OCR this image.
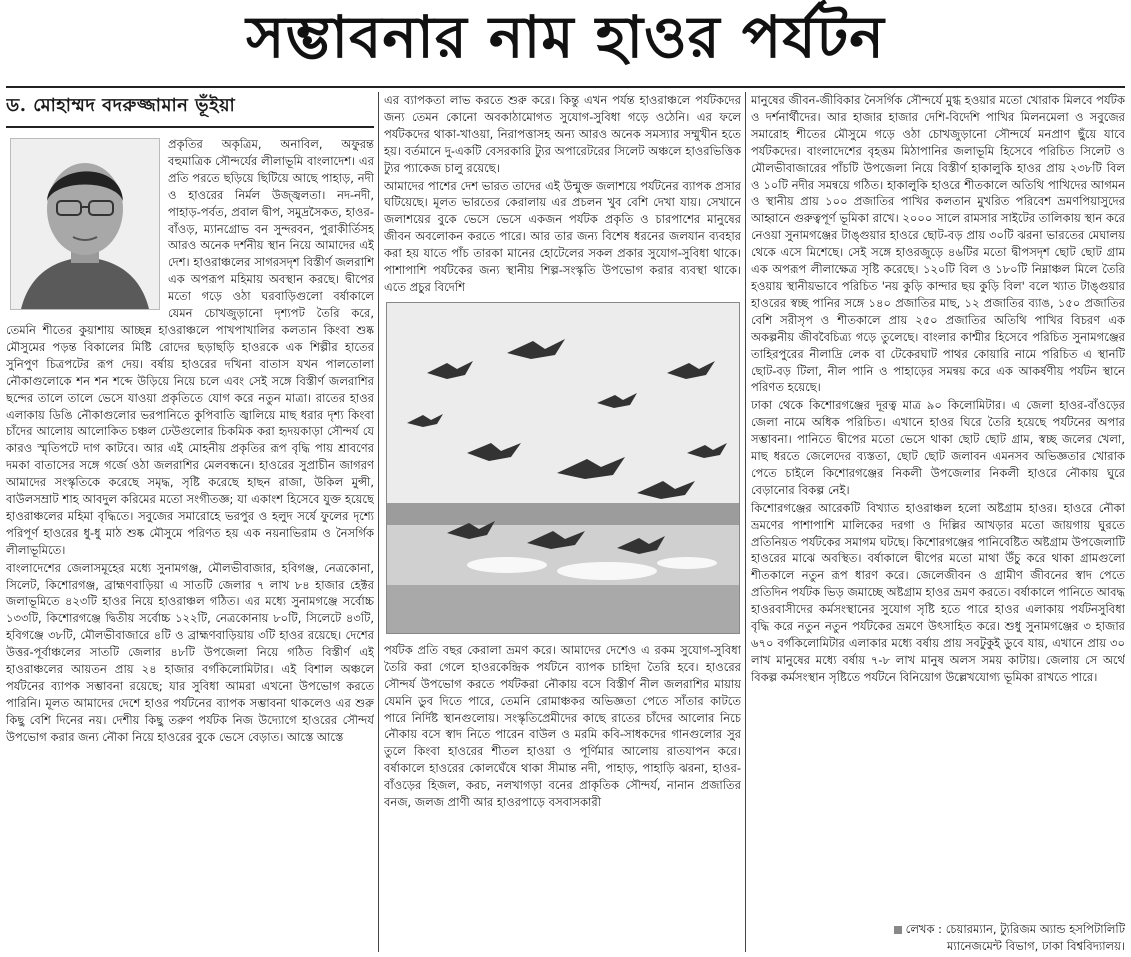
সম্ভাবনার নাম হাওর পর্যটন
ড. মোহাম্মদ বদরুজ্জামান ভূঁইয়া

প্রকৃতির অকৃত্রিম, অনাবিল, অফুরন্ত বহুমাত্রিক সৌন্দর্যের লীলাভূমি বাংলাদেশ। এর প্রতি পরতে ছড়িয়ে ছিটিয়ে আছে পাহাড়, নদী ও হাওরের নির্মল উজ্জ্বলতা। নদ-নদী, পাহাড়-পর্বত, প্রবাল দ্বীপ, সমুদ্রসৈকত, হাওর-বাঁওড়, ম্যানগ্রোভ বন সুন্দরবন, পুরাকীর্তিসহ আরও অনেক দর্শনীয় স্থান নিয়ে আমাদের এই দেশ। হাওরাঞ্চলের সাগরসদৃশ বিস্তীর্ণ জলরাশি এক অপরূপ মহিমায় অবস্থান করছে। দ্বীপের মতো গড়ে ওঠা ঘরবাড়িগুলো বর্ষাকালে যেমন চোখজুড়ানো দৃশ্যপট তৈরি করে, তেমনি শীতের কুয়াশায় আচ্ছন্ন হাওরাঞ্চলে পাখপাখালির কলতান কিংবা শুষ্ক মৌসুমের পড়ন্ত বিকালের মিষ্টি রোদের ছড়াছড়ি হাওরকে এক শিল্পীর হাতের সুনিপুণ চিত্রপটের রূপ দেয়। বর্ষায় হাওরের দখিনা বাতাস যখন পালতোলা নৌকাগুলোকে শন শন শব্দে উড়িয়ে নিয়ে চলে এবং সেই সঙ্গে বিস্তীর্ণ জলরাশির ছন্দের তালে তালে ভেসে যাওয়া প্রকৃতিতে যোগ করে নতুন মাত্রা। রাতের হাওর এলাকায় ডিঙি নৌকাগুলোর ভরপানিতে কুপিবাতি জ্বালিয়ে মাছ ধরার দৃশ্য কিংবা চাঁদের আলোয় আলোকিত চঞ্চল ঢেউগুলোর চিকমিক করা হৃদয়কাড়া সৌন্দর্য যে কারও স্মৃতিপটে দাগ কাটবে। আর এই মোহনীয় প্রকৃতির রূপ বৃদ্ধি পায় শ্রাবণের দমকা বাতাসের সঙ্গে গর্জে ওঠা জলরাশির মেলবন্ধনে। হাওরের সুপ্রাচীন জাগরণ আমাদের সংস্কৃতিকে করেছে সমৃদ্ধ, সৃষ্টি করেছে হাছন রাজা, উকিল মুন্সী, বাউলসম্রাট শাহ আবদুল করিমের মতো সংগীতজ্ঞ; যা একাংশ হিসেবে যুক্ত হয়েছে হাওরাঞ্চলের মহিমা বৃদ্ধিতে। সবুজের সমারোহে ভরপুর ও হলুদ সর্ষে ফুলের দৃশ্যে পরিপূর্ণ হাওরের ধু-ধু মাঠ শুষ্ক মৌসুমে পরিণত হয় এক নয়নাভিরাম ও নৈসর্গিক লীলাভূমিতে।

বাংলাদেশের জেলাসমূহের মধ্যে সুনামগঞ্জ, মৌলভীবাজার, হবিগঞ্জ, নেত্রকোনা, সিলেট, কিশোরগঞ্জ, ব্রাহ্মণবাড়িয়া এ সাতটি জেলার ৭ লাখ ৮৪ হাজার হেক্টর জলাভূমিতে ৪২৩টি হাওর নিয়ে হাওরাঞ্চল গঠিত। এর মধ্যে সুনামগঞ্জে সর্বোচ্চ ১৩৩টি, কিশোরগঞ্জে দ্বিতীয় সর্বোচ্চ ১২২টি, নেত্রকোনায় ৮০টি, সিলেটে ৪৩টি, হবিগঞ্জে ৩৮টি, মৌলভীবাজারে ৪টি ও ব্রাহ্মণবাড়িয়ায় ৩টি হাওর রয়েছে। দেশের উত্তর-পূর্বাঞ্চলের সাতটি জেলার ৪৮টি উপজেলা নিয়ে গঠিত বিস্তীর্ণ এই হাওরাঞ্চলের আয়তন প্রায় ২৪ হাজার বর্গকিলোমিটার। এই বিশাল অঞ্চলে পর্যটনের ব্যাপক সম্ভাবনা রয়েছে; যার সুবিধা আমরা এখনো উপভোগ করতে পারিনি। মূলত আমাদের দেশে হাওর পর্যটনের ব্যাপক সম্ভাবনা থাকলেও এর শুরু কিছু বেশি দিনের নয়। দেশীয় কিছু তরুণ পর্যটক নিজ উদ্যোগে হাওরের সৌন্দর্য উপভোগ করার জন্য নৌকা নিয়ে হাওরের বুকে ভেসে বেড়াত। আস্তে আস্তে

এর ব্যাপকতা লাভ করতে শুরু করে। কিন্তু এখন পর্যন্ত হাওরাঞ্চলে পর্যটকদের জন্য তেমন কোনো অবকাঠামোগত সুযোগ-সুবিধা গড়ে ওঠেনি। এর ফলে পর্যটকদের থাকা-খাওয়া, নিরাপত্তাসহ অন্য আরও অনেক সমস্যার সম্মুখীন হতে হয়। বর্তমানে দু-একটি বেসরকারি ট্যুর অপারেটরের সিলেট অঞ্চলে হাওরভিত্তিক ট্যুর প্যাকেজ চালু রয়েছে।

আমাদের পাশের দেশ ভারত তাদের এই উন্মুক্ত জলাশয়ে পর্যটনের ব্যাপক প্রসার ঘটিয়েছে। মূলত ভারতের কেরালায় এর প্রচলন খুব বেশি দেখা যায়। সেখানে জলাশয়ের বুকে ভেসে ভেসে একজন পর্যটক প্রকৃতি ও চারপাশের মানুষের জীবন অবলোকন করতে পারে। আর তার জন্য বিশেষ ধরনের জলযান ব্যবহার করা হয় যাতে পাঁচ তারকা মানের হোটেলের সকল প্রকার সুযোগ-সুবিধা থাকে। পাশাপাশি পর্যটকের জন্য স্থানীয় শিল্প-সংস্কৃতি উপভোগ করার ব্যবস্থা থাকে। এতে প্রচুর বিদেশি

পর্যটক প্রতি বছর কেরালা ভ্রমণ করে। আমাদের দেশেও এ রকম সুযোগ-সুবিধা তৈরি করা গেলে হাওরকেন্দ্রিক পর্যটনে ব্যাপক চাহিদা তৈরি হবে। হাওরের সৌন্দর্য উপভোগ করতে পর্যটকরা নৌকায় বসে বিস্তীর্ণ নীল জলরাশির মায়ায় যেমনি ডুব দিতে পারে, তেমনি রোমাঞ্চকর অভিজ্ঞতা পেতে সাঁতার কাটতে পারে নির্দিষ্ট স্থানগুলোয়। সংস্কৃতিপ্রেমীদের কাছে রাতের চাঁদের আলোর নিচে নৌকায় বসে স্বাদ নিতে পারেন বাউল ও মরমি কবি-সাধকদের গানগুলোর সুর তুলে কিংবা হাওরের শীতল হাওয়া ও পূর্ণিমার আলোয় রাতযাপন করে। বর্ষাকালে হাওরের কোলঘেঁষে থাকা সীমান্ত নদী, পাহাড়, পাহাড়ি ঝরনা, হাওর-বাঁওড়ের হিজল, করচ, নলখাগড়া বনের প্রাকৃতিক সৌন্দর্য, নানান প্রজাতির বনজ, জলজ প্রাণী আর হাওরপাড়ে বসবাসকারী

মানুষের জীবন-জীবিকার নৈসর্গিক সৌন্দর্যে মুগ্ধ হওয়ার মতো খোরাক মিলবে পর্যটক ও দর্শনার্থীদের। আর হাজার হাজার দেশি-বিদেশি পাখির মিলনমেলা ও সবুজের সমারোহ শীতের মৌসুমে গড়ে ওঠা চোখজুড়ানো সৌন্দর্যে মনপ্রাণ ছুঁয়ে যাবে পর্যটকদের। বাংলাদেশের বৃহত্তম মিঠাপানির জলাভূমি হিসেবে পরিচিত সিলেট ও মৌলভীবাজারের পাঁচটি উপজেলা নিয়ে বিস্তীর্ণ হাকালুকি হাওর প্রায় ২৩৮টি বিল ও ১০টি নদীর সমন্বয়ে গঠিত। হাকালুকি হাওরে শীতকালে অতিথি পাখিদের আগমন ও স্থানীয় প্রায় ১০০ প্রজাতির পাখির কলতান মুখরিত পরিবেশ ভ্রমণপিয়াসুদের আহ্বানে গুরুত্বপূর্ণ ভূমিকা রাখে। ২০০০ সালে রামসার সাইটের তালিকায় স্থান করে নেওয়া সুনামগঞ্জের টাঙ্গুয়ার হাওরে ছোট-বড় প্রায় ৩০টি ঝরনা ভারতের মেঘালয় থেকে এসে মিশেছে। সেই সঙ্গে হাওরজুড়ে ৪৬টির মতো দ্বীপসদৃশ ছোট ছোট গ্রাম এক অপরূপ লীলাক্ষেত্র সৃষ্টি করেছে। ১২০টি বিল ও ১৮০টি নিম্নাঞ্চল মিলে তৈরি হওয়ায় স্থানীয়ভাবে পরিচিত 'নয় কুড়ি কান্দার ছয় কুড়ি বিল' বলে খ্যাত টাঙ্গুয়ার হাওরের স্বচ্ছ পানির সঙ্গে ১৪০ প্রজাতির মাছ, ১২ প্রজাতির ব্যাঙ, ১৫০ প্রজাতির বেশি সরীসৃপ ও শীতকালে প্রায় ২৫০ প্রজাতির অতিথি পাখির বিচরণ এক অকল্পনীয় জীববৈচিত্র্য গড়ে তুলেছে। বাংলার কাশ্মীর হিসেবে পরিচিত সুনামগঞ্জের তাহিরপুরের নীলাদ্রি লেক বা টেকেরঘাট পাথর কোয়ারি নামে পরিচিত এ স্থানটি ছোট-বড় টিলা, নীল পানি ও পাহাড়ের সমন্বয় করে এক আকর্ষণীয় পর্যটন স্থানে পরিণত হয়েছে।

ঢাকা থেকে কিশোরগঞ্জের দূরত্ব মাত্র ৯০ কিলোমিটার। এ জেলা হাওর-বাঁওড়ের জেলা নামে অধিক পরিচিত। এখানে হাওর ঘিরে তৈরি হয়েছে পর্যটনের অপার সম্ভাবনা। পানিতে দ্বীপের মতো ভেসে থাকা ছোট ছোট গ্রাম, স্বচ্ছ জলের খেলা, মাছ ধরতে জেলেদের ব্যস্ততা, ছোট ছোট জলাবন এমনসব অভিজ্ঞতার খোরাক পেতে চাইলে কিশোরগঞ্জের নিকলী উপজেলার নিকলী হাওরে নৌকায় ঘুরে বেড়ানোর বিকল্প নেই।

কিশোরগঞ্জের আরেকটি বিখ্যাত হাওরাঞ্চল হলো অষ্টগ্রাম হাওর। হাওরে নৌকা ভ্রমণের পাশাপাশি মালিকের দরগা ও দিল্লির আখড়ার মতো জায়গায় ঘুরতে প্রতিনিয়ত পর্যটকের সমাগম ঘটছে। কিশোরগঞ্জের পানিবেষ্টিত অষ্টগ্রাম উপজেলাটি হাওরের মাঝে অবস্থিত। বর্ষাকালে দ্বীপের মতো মাথা উঁচু করে থাকা গ্রামগুলো শীতকালে নতুন রূপ ধারণ করে। জেলেজীবন ও গ্রামীণ জীবনের স্বাদ পেতে প্রতিদিন পর্যটক ভিড় জমাচ্ছে অষ্টগ্রাম হাওর ভ্রমণ করতে। বর্ষাকালে পানিতে আবদ্ধ হাওরবাসীদের কর্মসংস্থানের সুযোগ সৃষ্টি হতে পারে হাওর এলাকায় পর্যটনসুবিধা বৃদ্ধি করে নতুন নতুন পর্যটকের ভ্রমণে উৎসাহিত করে। শুধু সুনামগঞ্জের ৩ হাজার ৬৭০ বর্গকিলোমিটার এলাকার মধ্যে বর্ষায় প্রায় সবটুকুই ডুবে যায়, এখানে প্রায় ৩০ লাখ মানুষের মধ্যে বর্ষায় ৭-৮ লাখ মানুষ অলস সময় কাটায়। জেলায় সে অর্থে বিকল্প কর্মসংস্থান সৃষ্টিতে পর্যটনে বিনিয়োগ উল্লেখযোগ্য ভূমিকা রাখতে পারে।

লেখক : চেয়ারম্যান, ট্যুরিজম অ্যান্ড হসপিটালিটি
ম্যানেজমেন্ট বিভাগ, ঢাকা বিশ্ববিদ্যালয়।
